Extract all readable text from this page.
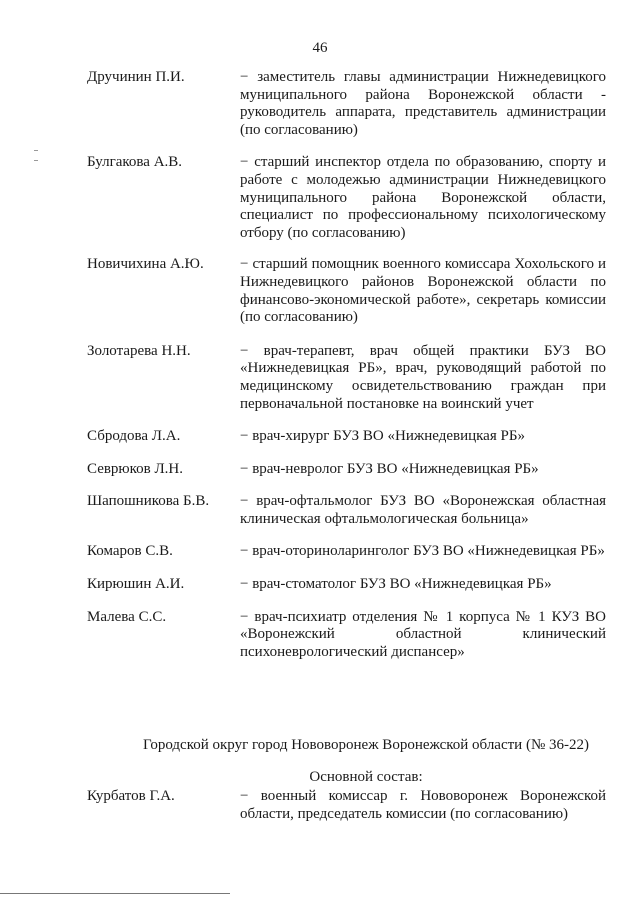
46
Дручинин П.И.	− заместитель главы администрации Нижнедевицкого муниципального района Воронежской области - руководитель аппарата, представитель администрации (по согласованию)
Булгакова А.В.	− старший инспектор отдела по образованию, спорту и работе с молодежью администрации Нижнедевицкого муниципального района Воронежской области, специалист по профессиональному психологическому отбору (по согласованию)
Новичихина А.Ю.	− старший помощник военного комиссара Хохольского и Нижнедевицкого районов Воронежской области по финансово-экономической работе», секретарь комиссии (по согласованию)
Золотарева Н.Н.	− врач-терапевт, врач общей практики БУЗ ВО «Нижнедевицкая РБ», врач, руководящий работой по медицинскому освидетельствованию граждан при первоначальной постановке на воинский учет
Сбродова Л.А.	− врач-хирург БУЗ ВО «Нижнедевицкая РБ»
Севрюков Л.Н.	− врач-невролог БУЗ ВО «Нижнедевицкая РБ»
Шапошникова Б.В.	− врач-офтальмолог БУЗ ВО «Воронежская областная клиническая офтальмологическая больница»
Комаров С.В.	− врач-оториноларинголог БУЗ ВО «Нижнедевицкая РБ»
Кирюшин А.И.	− врач-стоматолог БУЗ ВО «Нижнедевицкая РБ»
Малева С.С.	− врач-психиатр отделения № 1 корпуса № 1 КУЗ ВО «Воронежский областной клинический психоневрологический диспансер»
Городской округ город Нововоронеж Воронежской области (№ 36-22)
Основной состав:
Курбатов Г.А.	− военный комиссар г. Нововоронеж Воронежской области, председатель комиссии (по согласованию)
